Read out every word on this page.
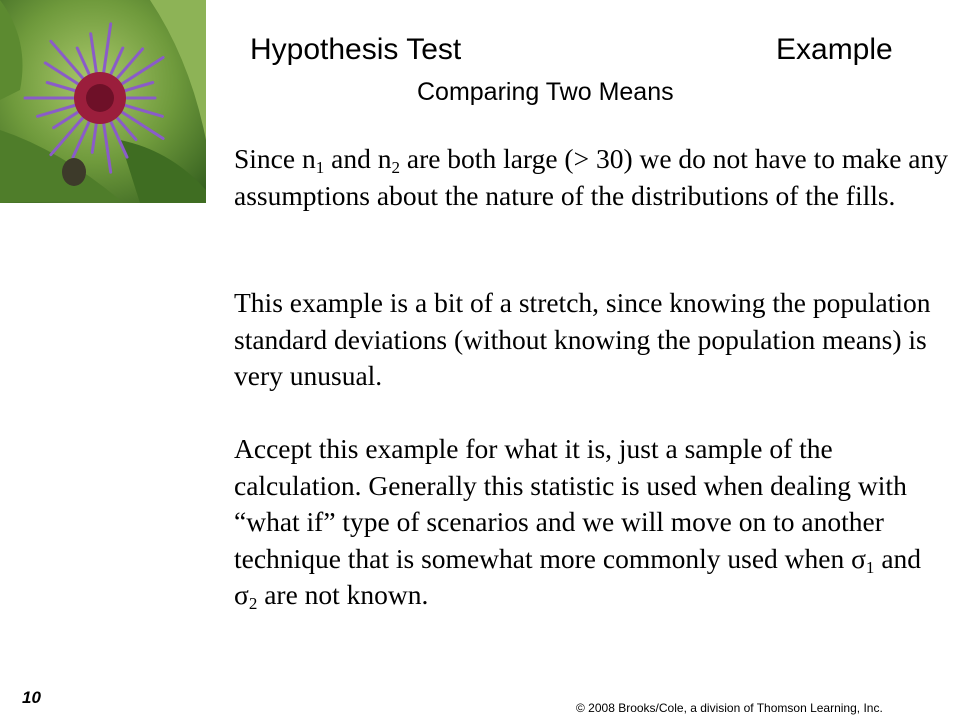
Hypothesis Test	Example
Comparing Two Means

Since $n_1$ and $n_2$ are both large (> 30) we do not have to make any assumptions about the nature of the distributions of the fills.

This example is a bit of a stretch, since knowing the population standard deviations (without knowing the population means) is very unusual.

Accept this example for what it is, just a sample of the calculation. Generally this statistic is used when dealing with “what if” type of scenarios and we will move on to another technique that is somewhat more commonly used when $\sigma_1$ and $\sigma_2$ are not known.

10
© 2008 Brooks/Cole, a division of Thomson Learning, Inc.
